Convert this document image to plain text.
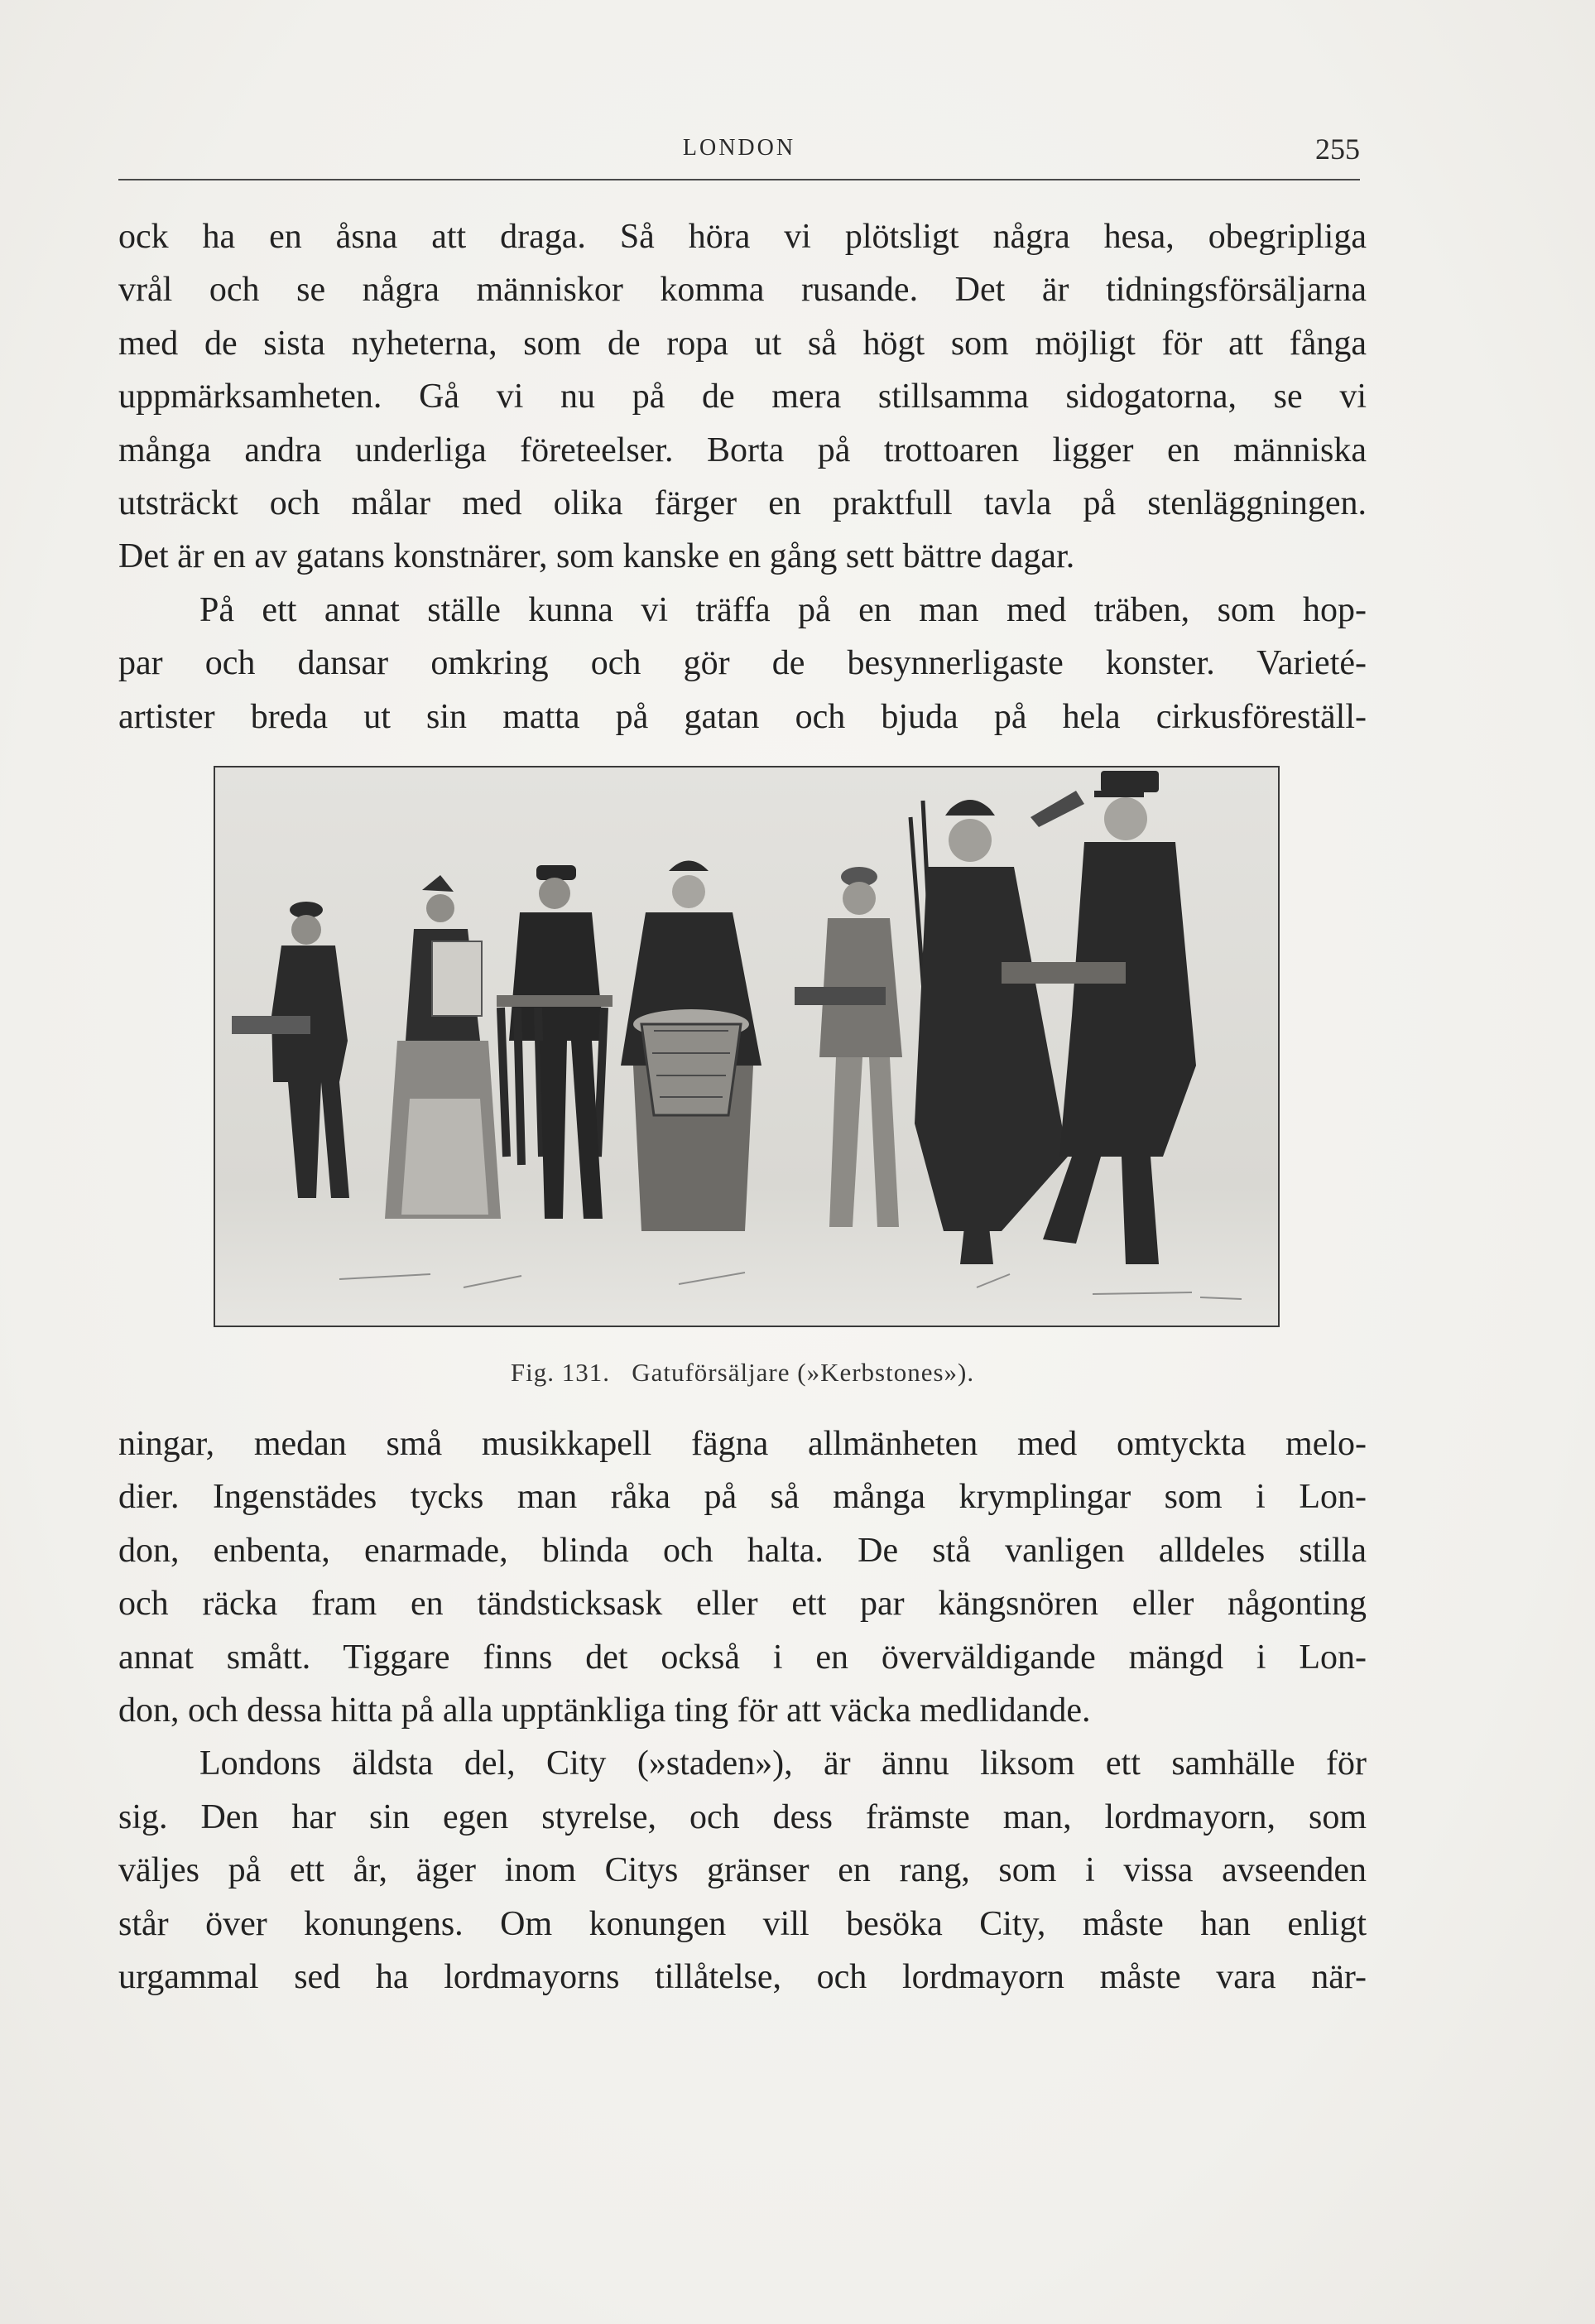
LONDON	255
ock ha en åsna att draga. Så höra vi plötsligt några hesa, obegripliga
vrål och se några människor komma rusande. Det är tidningsförsäljarna
med de sista nyheterna, som de ropa ut så högt som möjligt för att fånga
uppmärksamheten. Gå vi nu på de mera stillsamma sidogatorna, se vi
många andra underliga företeelser. Borta på trottoaren ligger en människa
utsträckt och målar med olika färger en praktfull tavla på stenläggningen.
Det är en av gatans konstnärer, som kanske en gång sett bättre dagar.
På ett annat ställe kunna vi träffa på en man med träben, som hop-
par och dansar omkring och gör de besynnerligaste konster. Varieté-
artister breda ut sin matta på gatan och bjuda på hela cirkusföreställ-
Fig. 131. Gatuförsäljare (»Kerbstones»).
ningar, medan små musikkapell fägna allmänheten med omtyckta melo-
dier. Ingenstädes tycks man råka på så många krymplingar som i Lon-
don, enbenta, enarmade, blinda och halta. De stå vanligen alldeles stilla
och räcka fram en tändsticksask eller ett par kängsnören eller någonting
annat smått. Tiggare finns det också i en överväldigande mängd i Lon-
don, och dessa hitta på alla upptänkliga ting för att väcka medlidande.
Londons äldsta del, City (»staden»), är ännu liksom ett samhälle för
sig. Den har sin egen styrelse, och dess främste man, lordmayorn, som
väljes på ett år, äger inom Citys gränser en rang, som i vissa avseenden
står över konungens. Om konungen vill besöka City, måste han enligt
urgammal sed ha lordmayorns tillåtelse, och lordmayorn måste vara när-
